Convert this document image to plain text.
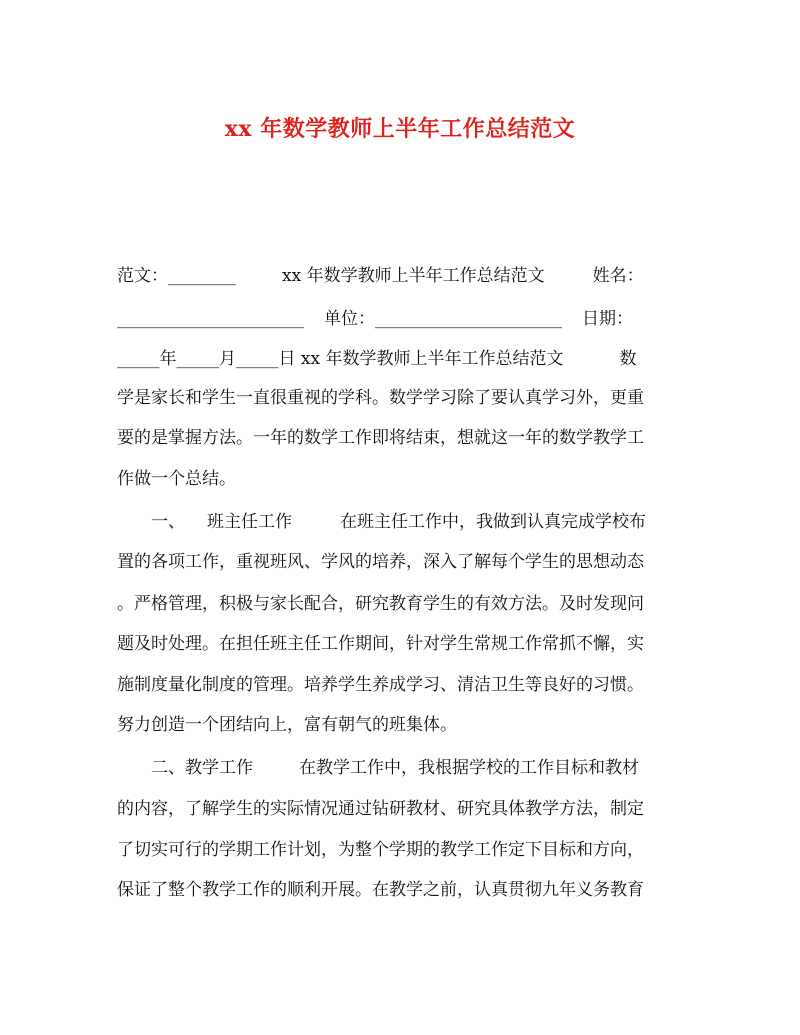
xx 年数学教师上半年工作总结范文
范文：________	xx 年数学教师上半年工作总结范文	姓名：
______________________ 单位：______________________ 日期：
_____年_____月_____日 xx 年数学教师上半年工作总结范文	数
学是家长和学生一直很重视的学科。数学学习除了要认真学习外，更重
要的是掌握方法。一年的数学工作即将结束，想就这一年的数学教学工
作做一个总结。
一、 班主任工作	在班主任工作中，我做到认真完成学校布
置的各项工作，重视班风、学风的培养，深入了解每个学生的思想动态
。严格管理，积极与家长配合，研究教育学生的有效方法。及时发现问
题及时处理。在担任班主任工作期间，针对学生常规工作常抓不懈，实
施制度量化制度的管理。培养学生养成学习、清洁卫生等良好的习惯。
努力创造一个团结向上，富有朝气的班集体。
二、教学工作	在教学工作中，我根据学校的工作目标和教材
的内容，了解学生的实际情况通过钻研教材、研究具体教学方法，制定
了切实可行的学期工作计划，为整个学期的教学工作定下目标和方向，
保证了整个教学工作的顺利开展。在教学之前，认真贯彻九年义务教育
